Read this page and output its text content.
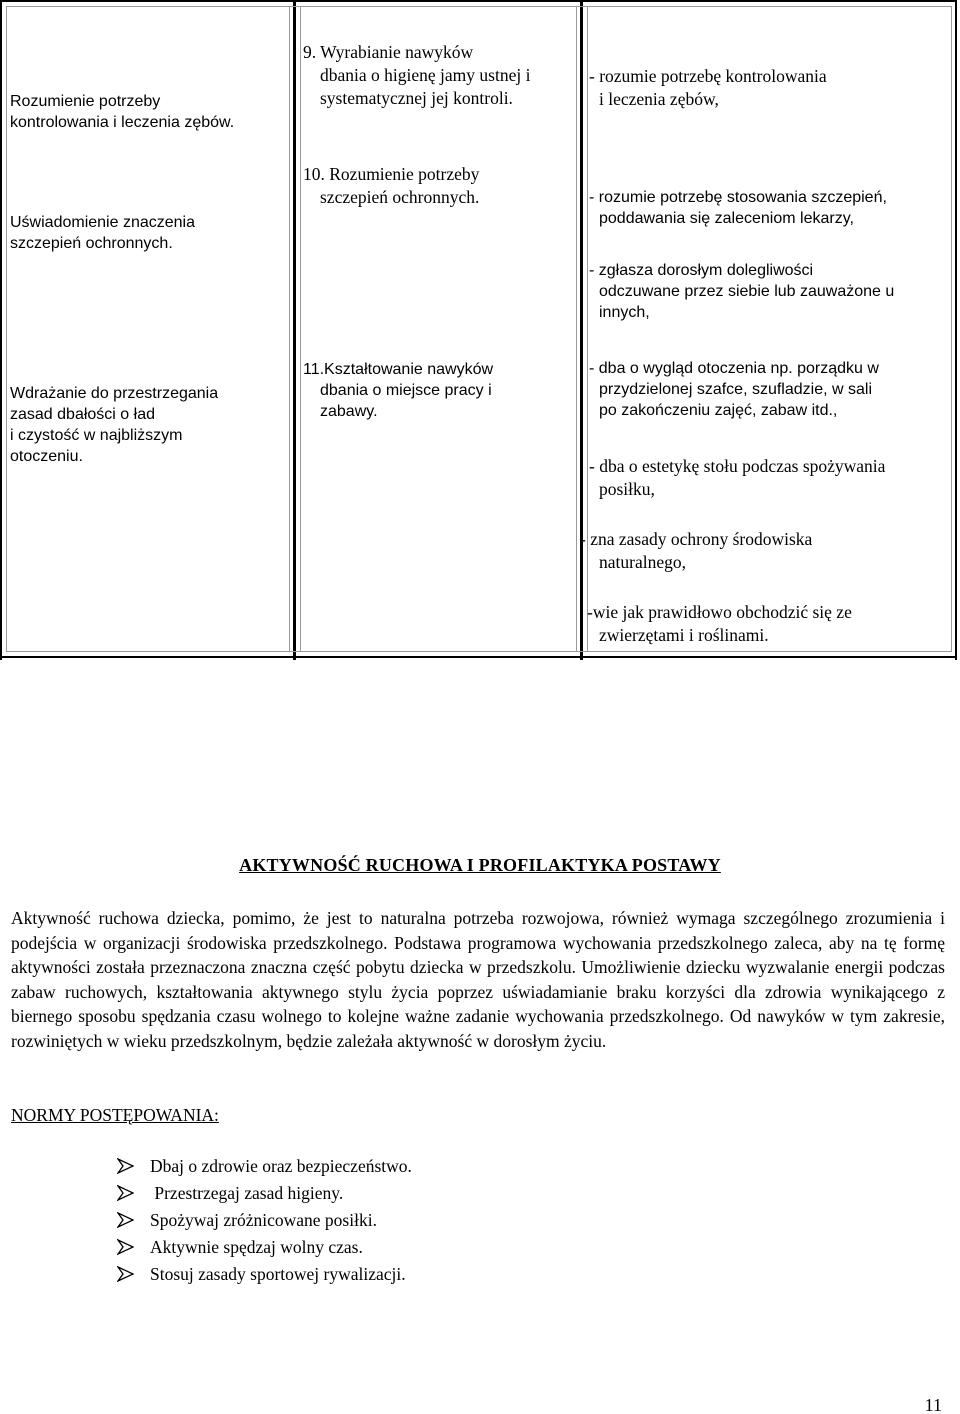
Rozumienie potrzeby
kontrolowania i leczenia zębów.
Uświadomienie znaczenia
szczepień ochronnych.
Wdrażanie do przestrzegania
zasad dbałości o ład
i czystość w najbliższym
otoczeniu.
9. Wyrabianie nawyków
dbania o higienę jamy ustnej i
systematycznej jej kontroli.
10. Rozumienie potrzeby
szczepień ochronnych.
11.Kształtowanie nawyków
dbania o miejsce pracy i
zabawy.
- rozumie potrzebę kontrolowania
i leczenia zębów,
- rozumie potrzebę stosowania szczepień,
poddawania się zaleceniom lekarzy,
- zgłasza dorosłym dolegliwości
odczuwane przez siebie lub zauważone u
innych,
- dba o wygląd otoczenia np. porządku w
przydzielonej szafce, szufladzie, w sali
po zakończeniu zajęć, zabaw itd.,
- dba o estetykę stołu podczas spożywania
posiłku,
- zna zasady ochrony środowiska
naturalnego,
-wie jak prawidłowo obchodzić się ze
zwierzętami i roślinami.
AKTYWNOŚĆ RUCHOWA I PROFILAKTYKA POSTAWY
Aktywność ruchowa dziecka, pomimo, że jest to naturalna potrzeba rozwojowa, również wymaga szczególnego zrozumienia i podejścia w organizacji środowiska przedszkolnego. Podstawa programowa wychowania przedszkolnego zaleca, aby na tę formę aktywności została przeznaczona znaczna część pobytu dziecka w przedszkolu. Umożliwienie dziecku wyzwalanie energii podczas zabaw ruchowych, kształtowania aktywnego stylu życia poprzez uświadamianie braku korzyści dla zdrowia wynikającego z biernego sposobu spędzania czasu wolnego to kolejne ważne zadanie wychowania przedszkolnego. Od nawyków w tym zakresie, rozwiniętych w wieku przedszkolnym, będzie zależała aktywność w dorosłym życiu.
NORMY POSTĘPOWANIA:
Dbaj o zdrowie oraz bezpieczeństwo.
Przestrzegaj zasad higieny.
Spożywaj zróżnicowane posiłki.
Aktywnie spędzaj wolny czas.
Stosuj zasady sportowej rywalizacji.
11
